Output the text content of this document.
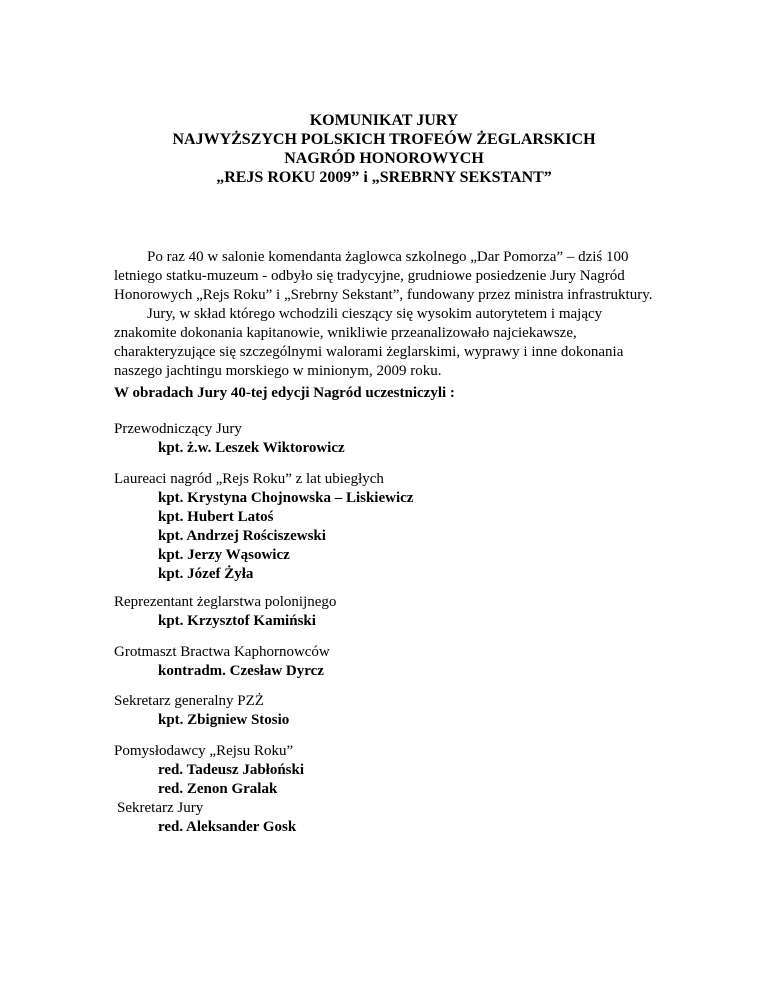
KOMUNIKAT JURY
NAJWYŻSZYCH POLSKICH TROFEÓW ŻEGLARSKICH
NAGRÓD HONOROWYCH
„REJS ROKU 2009” i „SREBRNY SEKSTANT”
Po raz 40 w salonie komendanta żaglowca szkolnego „Dar Pomorza” – dziś 100
letniego statku-muzeum - odbyło się tradycyjne, grudniowe posiedzenie Jury Nagród
Honorowych „Rejs Roku” i „Srebrny Sekstant”, fundowany przez ministra infrastruktury.
Jury, w skład którego wchodzili cieszący się wysokim autorytetem i mający
znakomite dokonania kapitanowie, wnikliwie przeanalizowało najciekawsze,
charakteryzujące się szczególnymi walorami żeglarskimi, wyprawy i inne dokonania
naszego jachtingu morskiego w minionym, 2009 roku.
W obradach Jury 40-tej edycji Nagród uczestniczyli :
Przewodniczący Jury
kpt. ż.w. Leszek Wiktorowicz
Laureaci nagród „Rejs Roku” z lat ubiegłych
kpt. Krystyna Chojnowska – Liskiewicz
kpt. Hubert Latoś
kpt. Andrzej Rościszewski
kpt. Jerzy Wąsowicz
kpt. Józef Żyła
Reprezentant żeglarstwa polonijnego
kpt. Krzysztof Kamiński
Grotmaszt Bractwa Kaphornowców
kontradm. Czesław Dyrcz
Sekretarz generalny PZŻ
kpt. Zbigniew Stosio
Pomysłodawcy „Rejsu Roku”
red. Tadeusz Jabłoński
red. Zenon Gralak
Sekretarz Jury
red. Aleksander Gosk
